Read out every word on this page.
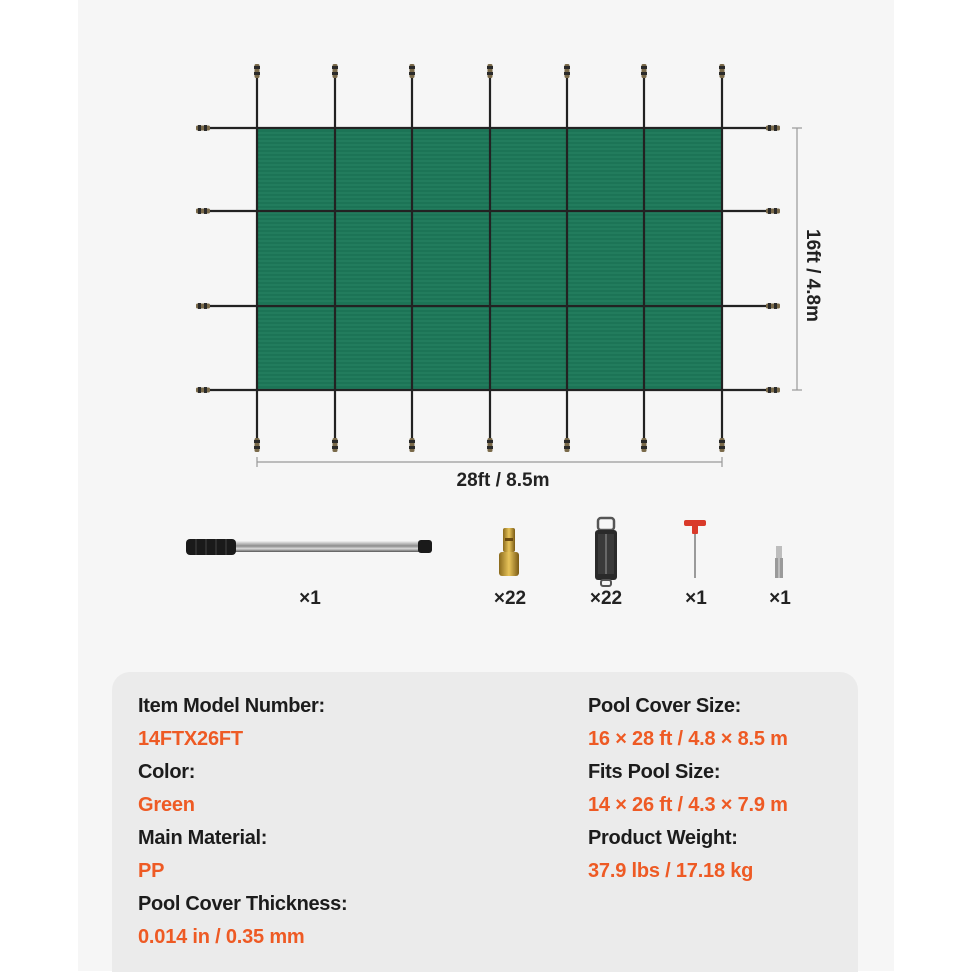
28ft / 8.5m
16ft / 4.8m
×1	×22	×22	×1	×1
Item Model Number:
14FTX26FT
Color:
Green
Main Material:
PP
Pool Cover Thickness:
0.014 in / 0.35 mm
Pool Cover Size:
16 × 28 ft / 4.8 × 8.5 m
Fits Pool Size:
14 × 26 ft / 4.3 × 7.9 m
Product Weight:
37.9 lbs / 17.18 kg
